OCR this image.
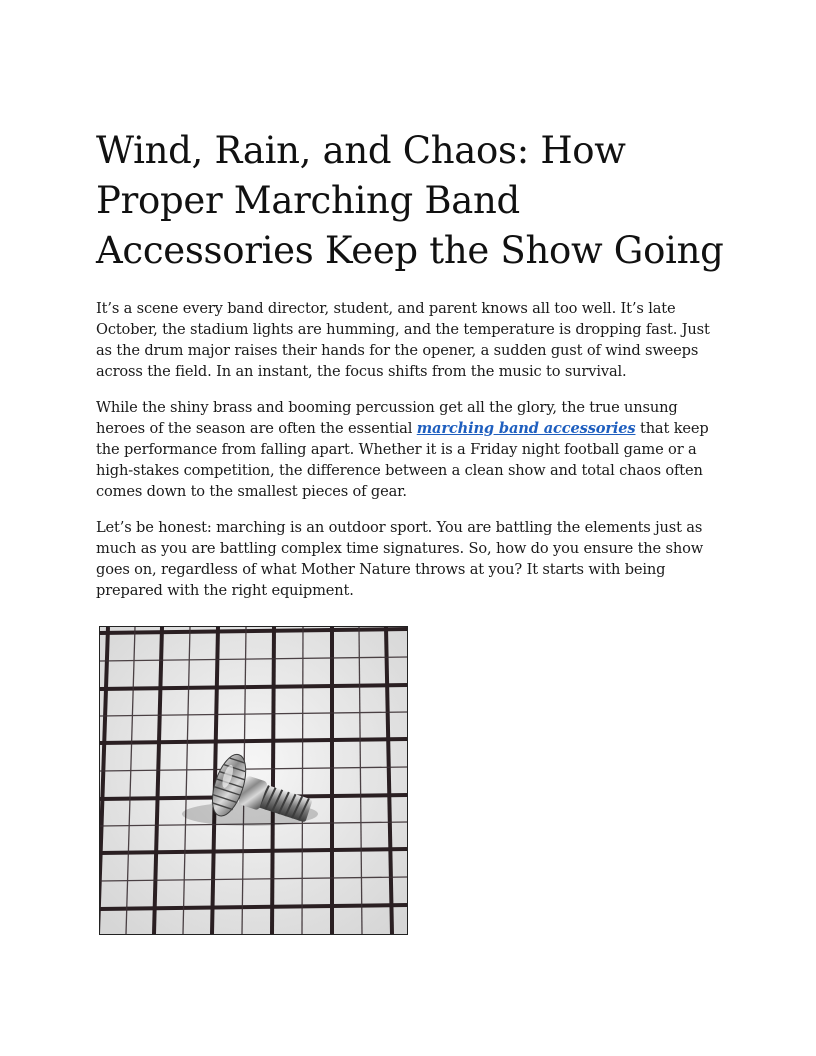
Wind, Rain, and Chaos: How Proper Marching Band Accessories Keep the Show Going

It’s a scene every band director, student, and parent knows all too well. It’s late October, the stadium lights are humming, and the temperature is dropping fast. Just as the drum major raises their hands for the opener, a sudden gust of wind sweeps across the field. In an instant, the focus shifts from the music to survival.

While the shiny brass and booming percussion get all the glory, the true unsung heroes of the season are often the essential marching band accessories that keep the performance from falling apart. Whether it is a Friday night football game or a high-stakes competition, the difference between a clean show and total chaos often comes down to the smallest pieces of gear.

Let’s be honest: marching is an outdoor sport. You are battling the elements just as much as you are battling complex time signatures. So, how do you ensure the show goes on, regardless of what Mother Nature throws at you? It starts with being prepared with the right equipment.
